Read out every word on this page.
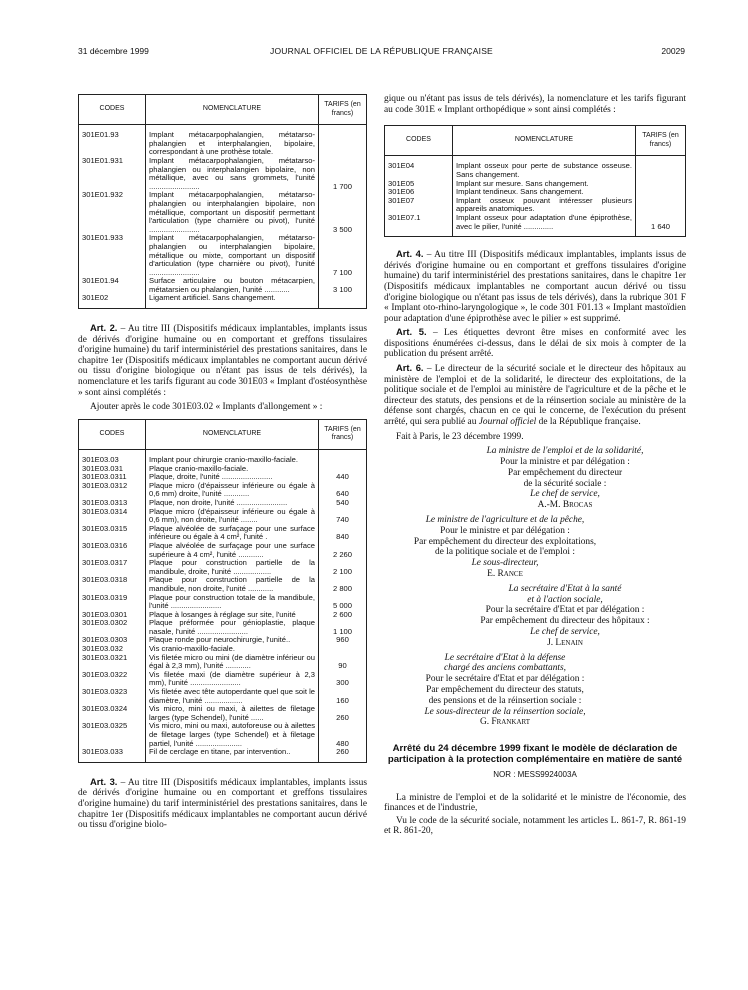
31 décembre 1999	JOURNAL OFFICIEL DE LA RÉPUBLIQUE FRANÇAISE	20029
CODES	NOMENCLATURE	TARIFS (en francs)
301E01.93	Implant métacarpophalangien, métatarso-phalangien et interphalangien, bipolaire, correspondant à une prothèse totale.	
301E01.931	Implant métacarpophalangien, métatarso-phalangien ou interphalangien bipolaire, non métallique, avec ou sans grommets, l'unité ........................	1 700
301E01.932	Implant métacarpophalangien, métatarso-phalangien ou interphalangien bipolaire, non métallique, comportant un dispositif permettant l'articulation (type charnière ou pivot), l'unité ........................	3 500
301E01.933	Implant métacarpophalangien, métatarso-phalangien ou interphalangien bipolaire, métallique ou mixte, comportant un dispositif d'articulation (type charnière ou pivot), l'unité ........................	7 100
301E01.94	Surface articulaire ou bouton métacarpien, métatarsien ou phalangien, l'unité ............	3 100
301E02	Ligament artificiel. Sans changement.	

Art. 2. – Au titre III (Dispositifs médicaux implantables, implants issus de dérivés d'origine humaine ou en comportant et greffons tissulaires d'origine humaine) du tarif interministériel des prestations sanitaires, dans le chapitre 1er (Dispositifs médicaux implantables ne comportant aucun dérivé ou tissu d'origine biologique ou n'étant pas issus de tels dérivés), la nomenclature et les tarifs figurant au code 301E03 « Implant d'ostéosynthèse » sont ainsi complétés :

Ajouter après le code 301E03.02 « Implants d'allongement » :

CODES	NOMENCLATURE	TARIFS (en francs)
301E03.03	Implant pour chirurgie cranio-maxillo-faciale.	
301E03.031	Plaque cranio-maxillo-faciale.	
301E03.0311	Plaque, droite, l'unité ........................	440
301E03.0312	Plaque micro (d'épaisseur inférieure ou égale à 0,6 mm) droite, l'unité ............	640
301E03.0313	Plaque, non droite, l'unité ........................	540
301E03.0314	Plaque micro (d'épaisseur inférieure ou égale à 0,6 mm), non droite, l'unité ........	740
301E03.0315	Plaque alvéolée de surfaçage pour une surface inférieure ou égale à 4 cm², l'unité .	840
301E03.0316	Plaque alvéolée de surfaçage pour une surface supérieure à 4 cm², l'unité ............	2 260
301E03.0317	Plaque pour construction partielle de la mandibule, droite, l'unité ..................	2 100
301E03.0318	Plaque pour construction partielle de la mandibule, non droite, l'unité ............	2 800
301E03.0319	Plaque pour construction totale de la mandibule, l'unité ........................	5 000
301E03.0301	Plaque à losanges à réglage sur site, l'unité	2 600
301E03.0302	Plaque préformée pour génioplastie, plaque nasale, l'unité ........................	1 100
301E03.0303	Plaque ronde pour neurochirurgie, l'unité..	960
301E03.032	Vis cranio-maxillo-faciale.	
301E03.0321	Vis filetée micro ou mini (de diamètre inférieur ou égal à 2,3 mm), l'unité ............	90
301E03.0322	Vis filetée maxi (de diamètre supérieur à 2,3 mm), l'unité ........................	300
301E03.0323	Vis filetée avec tête autoperdante quel que soit le diamètre, l'unité ..................	160
301E03.0324	Vis micro, mini ou maxi, à ailettes de filetage larges (type Schendel), l'unité ......	260
301E03.0325	Vis micro, mini ou maxi, autoforeuse ou à ailettes de filetage larges (type Schendel) et à filetage partiel, l'unité ......................	480
301E03.033	Fil de cerclage en titane, par intervention..	260

Art. 3. – Au titre III (Dispositifs médicaux implantables, implants issus de dérivés d'origine humaine ou en comportant et greffons tissulaires d'origine humaine) du tarif interministériel des prestations sanitaires, dans le chapitre 1er (Dispositifs médicaux implantables ne comportant aucun dérivé ou tissu d'origine biolo-

gique ou n'étant pas issus de tels dérivés), la nomenclature et les tarifs figurant au code 301E « Implant orthopédique » sont ainsi complétés :

CODES	NOMENCLATURE	TARIFS (en francs)
301E04	Implant osseux pour perte de substance osseuse. Sans changement.	
301E05	Implant sur mesure. Sans changement.	
301E06	Implant tendineux. Sans changement.	
301E07	Implant osseux pouvant intéresser plusieurs appareils anatomiques.	
301E07.1	Implant osseux pour adaptation d'une épiprothèse, avec le pilier, l'unité ..............	1 640

Art. 4. – Au titre III (Dispositifs médicaux implantables, implants issus de dérivés d'origine humaine ou en comportant et greffons tissulaires d'origine humaine) du tarif interministériel des prestations sanitaires, dans le chapitre 1er (Dispositifs médicaux implantables ne comportant aucun dérivé ou tissu d'origine biologique ou n'étant pas issus de tels dérivés), dans la rubrique 301 F « Implant oto-rhino-laryngologique », le code 301 F01.13 « Implant mastoïdien pour adaptation d'une épiprothèse avec le pilier » est supprimé.

Art. 5. – Les étiquettes devront être mises en conformité avec les dispositions énumérées ci-dessus, dans le délai de six mois à compter de la publication du présent arrêté.

Art. 6. – Le directeur de la sécurité sociale et le directeur des hôpitaux au ministère de l'emploi et de la solidarité, le directeur des exploitations, de la politique sociale et de l'emploi au ministère de l'agriculture et de la pêche et le directeur des statuts, des pensions et de la réinsertion sociale au ministère de la défense sont chargés, chacun en ce qui le concerne, de l'exécution du présent arrêté, qui sera publié au Journal officiel de la République française.

Fait à Paris, le 23 décembre 1999.

La ministre de l'emploi et de la solidarité,
Pour la ministre et par délégation :
Par empêchement du directeur
de la sécurité sociale :
Le chef de service,
A.-M. Brocas
Le ministre de l'agriculture et de la pêche,
Pour le ministre et par délégation :
Par empêchement du directeur des exploitations,
de la politique sociale et de l'emploi :
Le sous-directeur,
E. Rance
La secrétaire d'Etat à la santé
et à l'action sociale,
Pour la secrétaire d'Etat et par délégation :
Par empêchement du directeur des hôpitaux :
Le chef de service,
J. Lenain
Le secrétaire d'Etat à la défense
chargé des anciens combattants,
Pour le secrétaire d'Etat et par délégation :
Par empêchement du directeur des statuts,
des pensions et de la réinsertion sociale :
Le sous-directeur de la réinsertion sociale,
G. Frankart
Arrêté du 24 décembre 1999 fixant le modèle de déclaration de participation à la protection complémentaire en matière de santé
NOR : MESS9924003A

La ministre de l'emploi et de la solidarité et le ministre de l'économie, des finances et de l'industrie,

Vu le code de la sécurité sociale, notamment les articles L. 861-7, R. 861-19 et R. 861-20,
